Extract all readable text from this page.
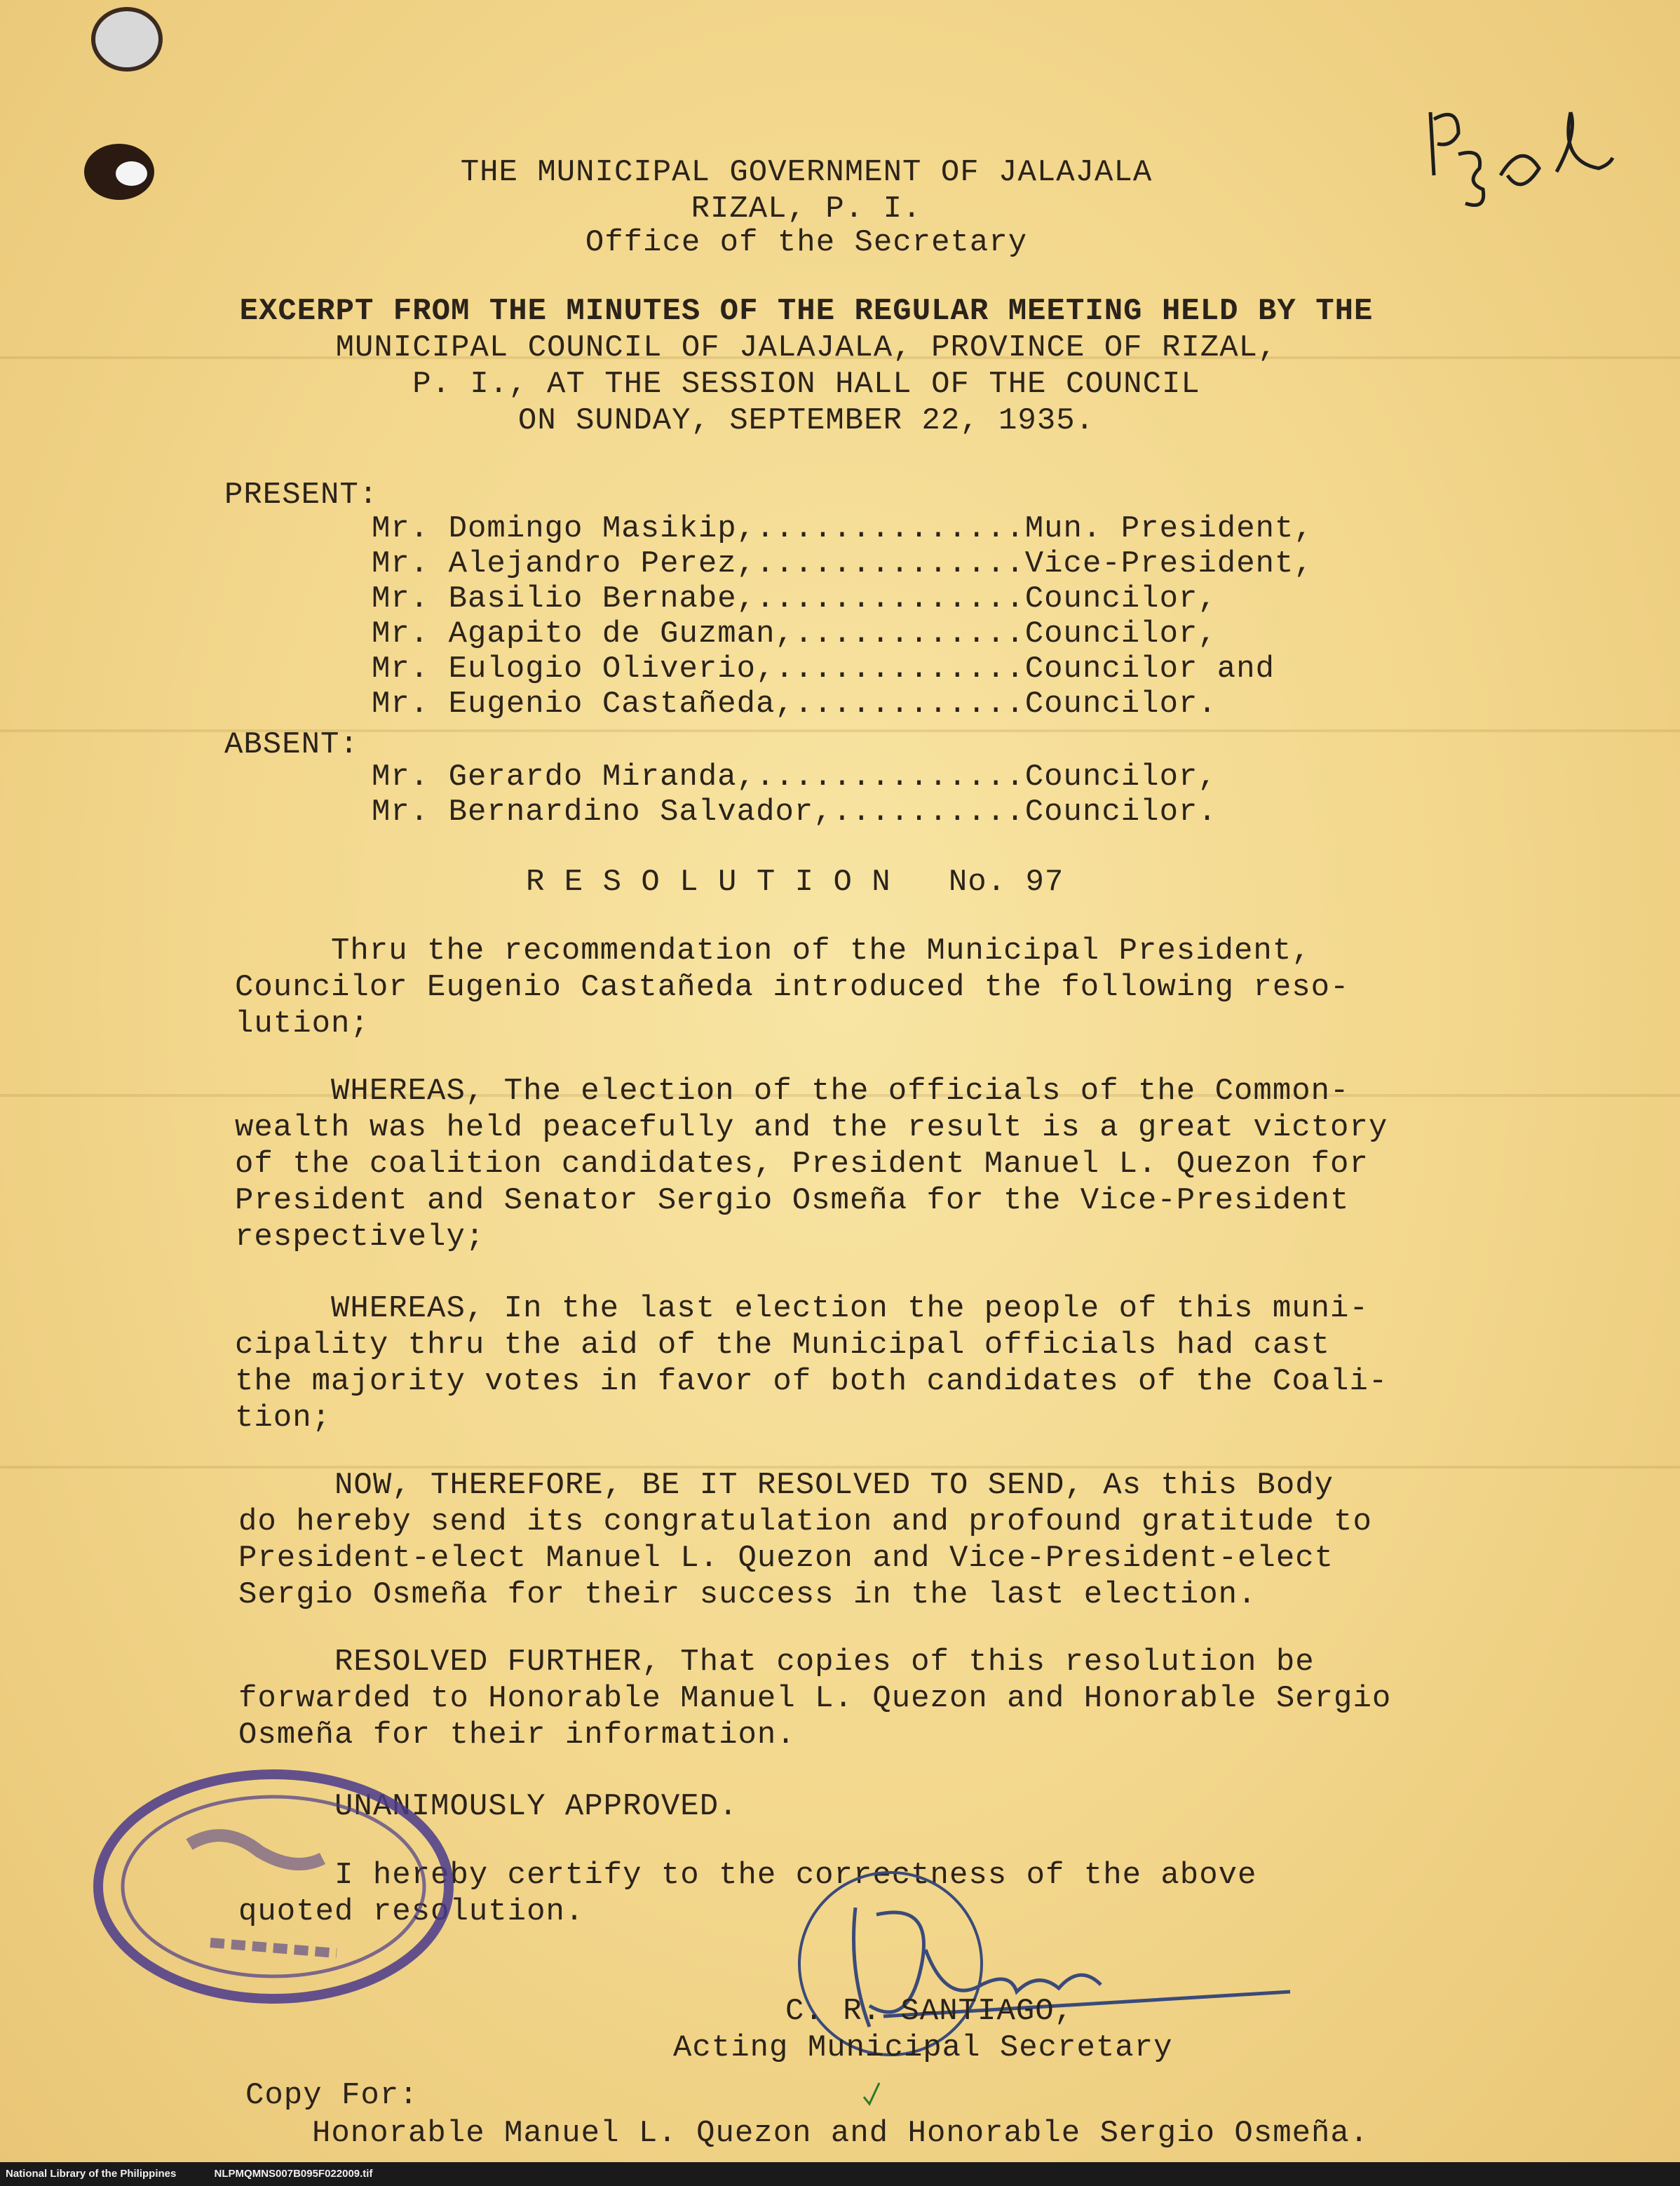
THE MUNICIPAL GOVERNMENT OF JALAJALA
RIZAL, P. I.
Office of the Secretary
EXCERPT FROM THE MINUTES OF THE REGULAR MEETING HELD BY THE
MUNICIPAL COUNCIL OF JALAJALA, PROVINCE OF RIZAL,
P. I., AT THE SESSION HALL OF THE COUNCIL
ON SUNDAY, SEPTEMBER 22, 1935.
PRESENT:
Mr. Domingo Masikip,..............Mun. President,
Mr. Alejandro Perez,..............Vice-President,
Mr. Basilio Bernabe,..............Councilor,
Mr. Agapito de Guzman,............Councilor,
Mr. Eulogio Oliverio,.............Councilor and
Mr. Eugenio Castañeda,............Councilor.
ABSENT:
Mr. Gerardo Miranda,..............Councilor,
Mr. Bernardino Salvador,..........Councilor.
R E S O L U T I O N   No. 97
Thru the recommendation of the Municipal President,
Councilor Eugenio Castañeda introduced the following reso-
lution;
WHEREAS, The election of the officials of the Common-
wealth was held peacefully and the result is a great victory
of the coalition candidates, President Manuel L. Quezon for
President and Senator Sergio Osmeña for the Vice-President
respectively;
WHEREAS, In the last election the people of this muni-
cipality thru the aid of the Municipal officials had cast
the majority votes in favor of both candidates of the Coali-
tion;
NOW, THEREFORE, BE IT RESOLVED TO SEND, As this Body
do hereby send its congratulation and profound gratitude to
President-elect Manuel L. Quezon and Vice-President-elect
Sergio Osmeña for their success in the last election.
RESOLVED FURTHER, That copies of this resolution be
forwarded to Honorable Manuel L. Quezon and Honorable Sergio
Osmeña for their information.
UNANIMOUSLY APPROVED.
I hereby certify to the correctness of the above
quoted resolution.
C. R. SANTIAGO,
Acting Municipal Secretary
Copy For:
Honorable Manuel L. Quezon and Honorable Sergio Osmeña.
National Library of the Philippines	NLPMQMNS007B095F022009.tif
